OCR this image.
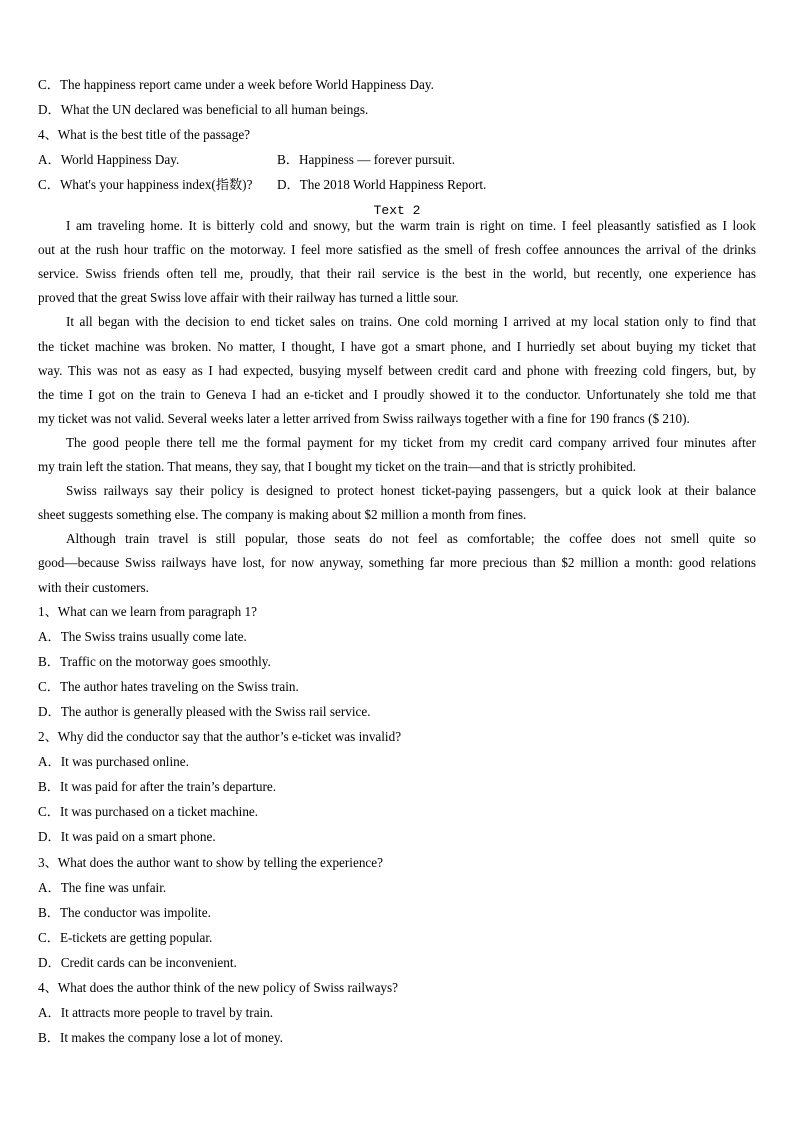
C．The happiness report came under a week before World Happiness Day.
D．What the UN declared was beneficial to all human beings.
4、What is the best title of the passage?
A．World Happiness Day.	B．Happiness — forever pursuit.
C．What's your happiness index(指数)? D．The 2018 World Happiness Report.
Text 2
I am traveling home. It is bitterly cold and snowy, but the warm train is right on time. I feel pleasantly satisfied as I look
out at the rush hour traffic on the motorway. I feel more satisfied as the smell of fresh coffee announces the arrival of the drinks
service. Swiss friends often tell me, proudly, that their rail service is the best in the world, but recently, one experience has
proved that the great Swiss love affair with their railway has turned a little sour.
It all began with the decision to end ticket sales on trains. One cold morning I arrived at my local station only to find that
the ticket machine was broken. No matter, I thought, I have got a smart phone, and I hurriedly set about buying my ticket that
way. This was not as easy as I had expected, busying myself between credit card and phone with freezing cold fingers, but, by
the time I got on the train to Geneva I had an e-ticket and I proudly showed it to the conductor. Unfortunately she told me that
my ticket was not valid. Several weeks later a letter arrived from Swiss railways together with a fine for 190 francs ($ 210).
The good people there tell me the formal payment for my ticket from my credit card company arrived four minutes after
my train left the station. That means, they say, that I bought my ticket on the train—and that is strictly prohibited.
Swiss railways say their policy is designed to protect honest ticket-paying passengers, but a quick look at their balance
sheet suggests something else. The company is making about $2 million a month from fines.
Although train travel is still popular, those seats do not feel as comfortable; the coffee does not smell quite so
good—because Swiss railways have lost, for now anyway, something far more precious than $2 million a month: good relations
with their customers.
1、What can we learn from paragraph 1?
A．The Swiss trains usually come late.
B．Traffic on the motorway goes smoothly.
C．The author hates traveling on the Swiss train.
D．The author is generally pleased with the Swiss rail service.
2、Why did the conductor say that the author’s e-ticket was invalid?
A．It was purchased online.
B．It was paid for after the train’s departure.
C．It was purchased on a ticket machine.
D．It was paid on a smart phone.
3、What does the author want to show by telling the experience?
A．The fine was unfair.
B．The conductor was impolite.
C．E-tickets are getting popular.
D．Credit cards can be inconvenient.
4、What does the author think of the new policy of Swiss railways?
A．It attracts more people to travel by train.
B．It makes the company lose a lot of money.
